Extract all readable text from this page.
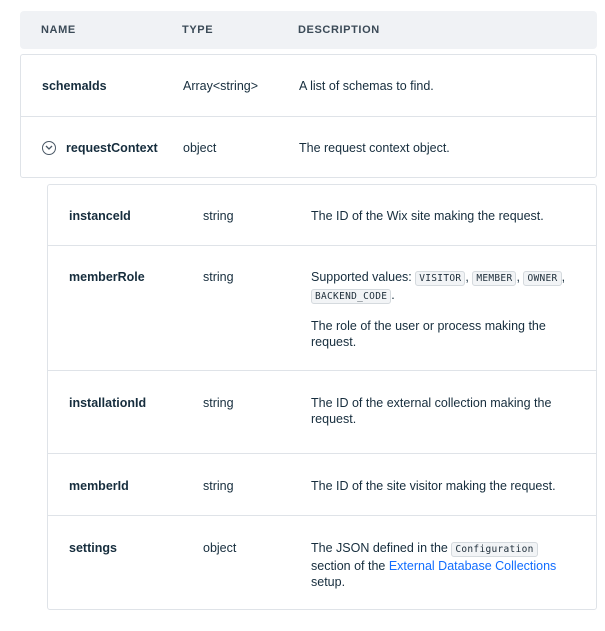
NAME	TYPE	DESCRIPTION
schemaIds	Array<string>	A list of schemas to find.
requestContext object	The request context object.
instanceId	string	The ID of the Wix site making the request.
memberRole	string	Supported values: VISITOR , MEMBER , OWNER , BACKEND_CODE .
The role of the user or process making the request.
installationId	string	The ID of the external collection making the request.
memberId	string	The ID of the site visitor making the request.
settings	object	The JSON defined in the Configuration
section of the External Database Collections
setup.
